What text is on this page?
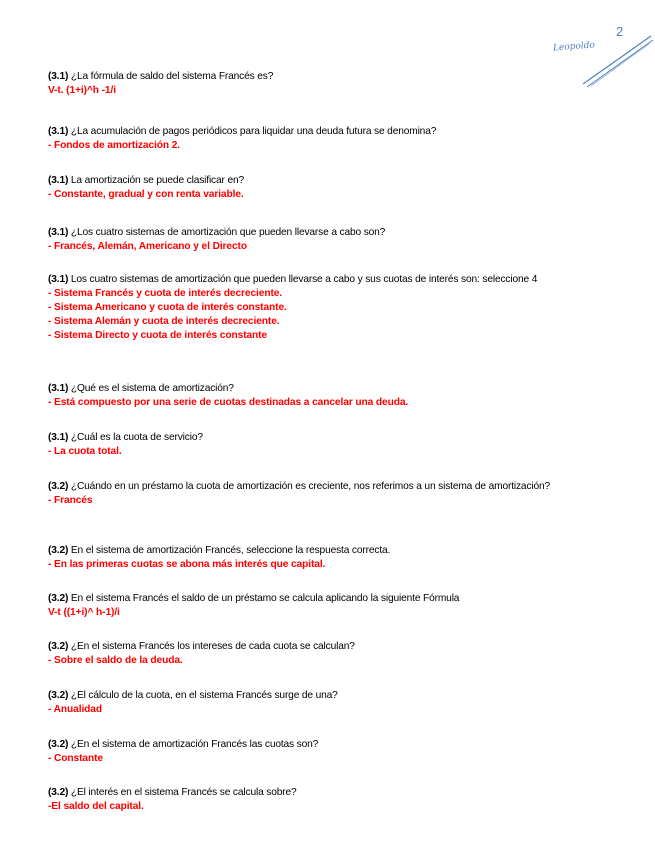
2
Leopoldo
(3.1) ¿La fórmula de saldo del sistema Francés es?
V-t. (1+i)^h -1/i
(3.1) ¿La acumulación de pagos periódicos para liquidar una deuda futura se denomina?
- Fondos de amortización 2.
(3.1) La amortización se puede clasificar en?
- Constante, gradual y con renta variable.
(3.1) ¿Los cuatro sistemas de amortización que pueden llevarse a cabo son?
- Francés, Alemán, Americano y el Directo
(3.1) Los cuatro sistemas de amortización que pueden llevarse a cabo y sus cuotas de interés son: seleccione 4
- Sistema Francés y cuota de interés decreciente.
- Sistema Americano y cuota de interés constante.
- Sistema Alemán y cuota de interés decreciente.
- Sistema Directo y cuota de interés constante
(3.1) ¿Qué es el sistema de amortización?
- Está compuesto por una serie de cuotas destinadas a cancelar una deuda.
(3.1) ¿Cuál es la cuota de servicio?
- La cuota total.
(3.2) ¿Cuándo en un préstamo la cuota de amortización es creciente, nos referimos a un sistema de amortización?
- Francés
(3.2) En el sistema de amortización Francés, seleccione la respuesta correcta.
- En las primeras cuotas se abona más interés que capital.
(3.2) En el sistema Francés el saldo de un préstamo se calcula aplicando la siguiente Fórmula
V-t ((1+i)^ h-1)/i
(3.2) ¿En el sistema Francés los intereses de cada cuota se calculan?
- Sobre el saldo de la deuda.
(3.2) ¿El cálculo de la cuota, en el sistema Francés surge de una?
- Anualidad
(3.2) ¿En el sistema de amortización Francés las cuotas son?
- Constante
(3.2) ¿El interés en el sistema Francés se calcula sobre?
-El saldo del capital.
